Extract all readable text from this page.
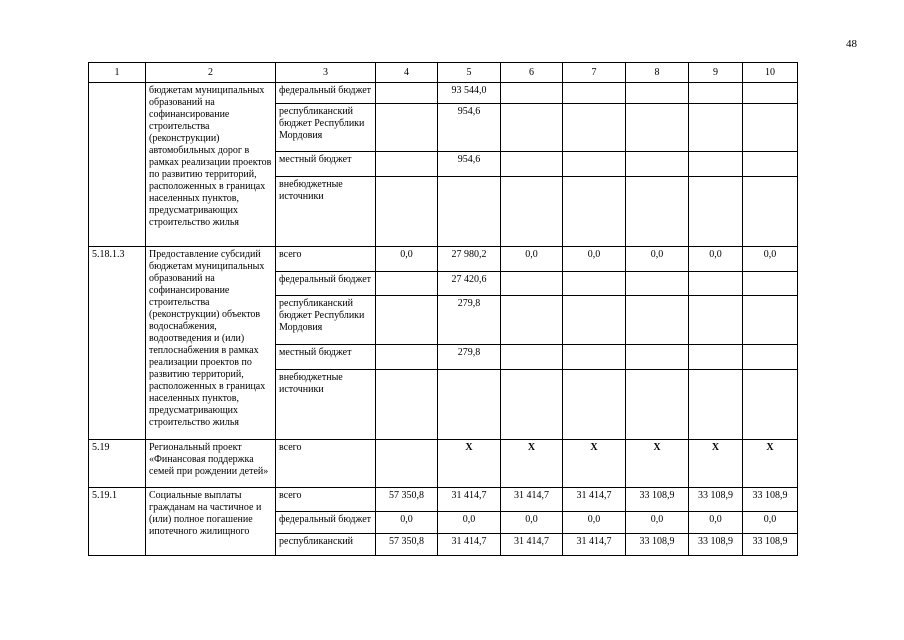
48
1	2	3	4	5	6	7	8	9	10
	бюджетам муниципальных образований на софинансирование строительства (реконструкции) автомобильных дорог в рамках реализации проектов по развитию территорий, расположенных в границах населенных пунктов, предусматривающих строительство жилья	федеральный бюджет		93 544,0					
		республиканский бюджет Республики Мордовия		954,6					
		местный бюджет		954,6					
		внебюджетные источники							
5.18.1.3	Предоставление субсидий бюджетам муниципальных образований на софинансирование строительства (реконструкции) объектов водоснабжения, водоотведения и (или) теплоснабжения в рамках реализации проектов по развитию территорий, расположенных в границах населенных пунктов, предусматривающих строительство жилья	всего	0,0	27 980,2	0,0	0,0	0,0	0,0	0,0
		федеральный бюджет		27 420,6					
		республиканский бюджет Республики Мордовия		279,8					
		местный бюджет		279,8					
		внебюджетные источники							
5.19	Региональный проект «Финансовая поддержка семей при рождении детей»	всего		X	X	X	X	X	X
5.19.1	Социальные выплаты гражданам на частичное и (или) полное погашение ипотечного жилищного	всего	57 350,8	31 414,7	31 414,7	31 414,7	33 108,9	33 108,9	33 108,9
		федеральный бюджет	0,0	0,0	0,0	0,0	0,0	0,0	0,0
		республиканский	57 350,8	31 414,7	31 414,7	31 414,7	33 108,9	33 108,9	33 108,9
